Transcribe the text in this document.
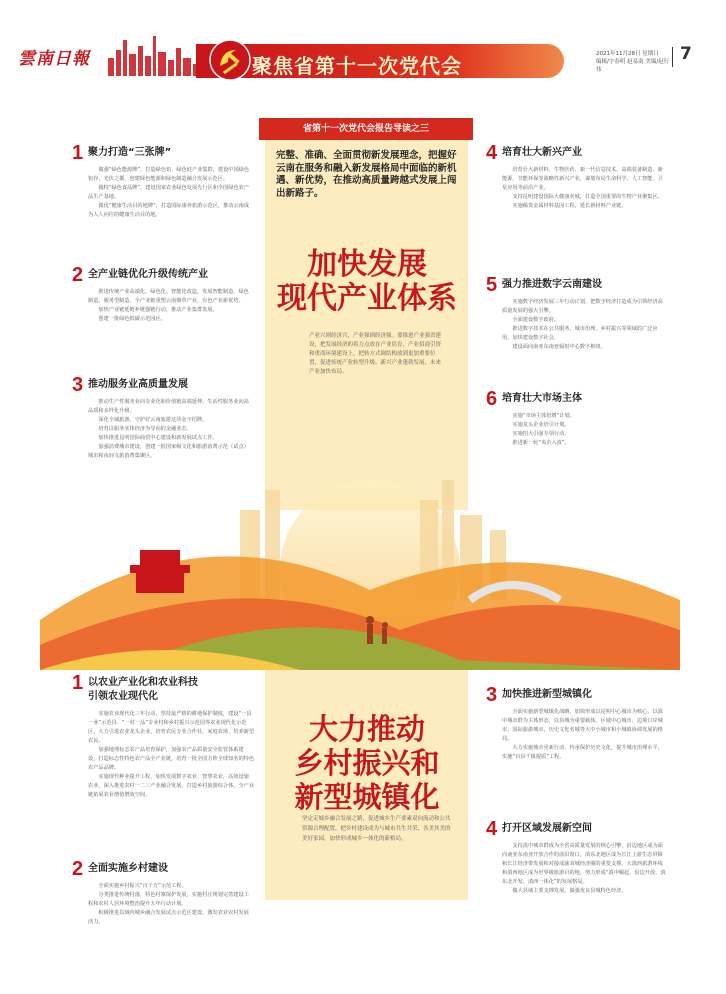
雲南日報	聚焦省第十一次党代会	2021年11月28日 星期日
编辑/字春明 赵易南 美编/赵行伟
7
省第十一次党代会报告导读之三
完整、准确、全面贯彻新发展理念，把握好云南在服务和融入新发展格局中面临的新机遇、新优势，在推动高质量跨越式发展上闯出新路子。
加快发展
现代产业体系
产业兴则经济兴，产业强则经济强。要推进产业强省建设，把发展经济的着力点放在产业培育，产业招商引资和重商环境建设上，把转方式调结构放到更加重要位置，促进传统产业转型升级、新兴产业蓬勃发展，未来产业加快布局。
大力推动
乡村振兴和
新型城镇化
坚定走城乡融合发展之路，促进城乡生产要素双向流动和公共资源合理配置，把乡村建设成为与城市共生共荣、各美其美的美好家园，加快形成城乡一体化的新格局。
1 聚力打造“三张牌”

做强“绿色能源牌”，打造绿色铝、绿色硅产业集群，建设中国绿色铝谷，光伏之都，创建绿色能源和绿色制造融合发展示范区。

做特“绿色食品牌”，建设国家农业绿色发展先行区和全国绿色农产品生产基地。

做优“健康生活目的地牌”，打造国际康养旅游示范区，推动云南成为人人向往的健康生活目的地。

2 全产业链优化升级传统产业

推进传统产业高端化、绿色化、智能化改造，发展智能制造、绿色制造、服务型制造，全产业链重塑云南烟草产业，有色产业新优势。

加快产业链延链补链强链行动，推动产业集群发展。

创建一批绿色低碳示范园区。

3 推动服务业高质量发展

推动生产性服务业向专业化和价值链高端延伸、生活性服务业向高品质和多样化升级。

深化全域旅游，守护好云南旅游这块金字招牌。

培育以服务实体经济为导向的金融业态。

加快推进昆明国际商贸中心建设和新发展试点工作。

加强消费城市建设，创建一批国家级文化和旅游消费示范（试点）城市和夜间文旅消费集聚区。

4 培育壮大新兴产业

培育壮大新材料、生物医药、新一代信息技术、高端装备制造、新能源、节能环保等战略性新兴产业，谋划布局生命科学、人工智能、卫星应用等前沿产业。

支持昆明建设国际大健康名城，打造全国重要的生物产业聚集区。

实施稀贵金属材料基因工程，延长新材料产业链。

5 强力推进数字云南建设

实施数字经济发展三年行动计划，把数字经济打造成为引领经济高质量发展的强大引擎。

全面建设数字政府。

推进数字技术在公共服务、城市治理、乡村振兴等领域的广泛应用，加快建设数字社会。

建设面向南亚东南亚辐射中心数字枢纽。

6 培育壮大市场主体

实施“市场主体倍增”计划。

实施龙头企业培引计划。

实施招大引强专项行动。

推进新一轮“央企入滇”。

1 以农业产业化和农业科技
引领农业现代化

实施农业现代化三年行动，坚持最严格的耕地保护制度，建设“一县一业”示范县、“一村一品”专业村和乡村振兴示范园等农业现代化示范区，大力引进农业龙头企业，培育农民专业合作社、家庭农场、培养新型农民。

加强地理标志农产品培育保护，加强农产品质量安全监管体系建设，打造标志性特色农产品全产业链，培育一批全国方阵全球知名的特色农产品品牌。

实施现代种业提升工程，加快发展数字农业、智慧农业，高效设施农业，深入推进农村一二三产业融合发展，打造乡村旅游综合体，全产业链拓展农业增值增效空间。

2 全面实施乡村建设

全面实施乡村振兴“百千万”示范工程。

分类推进传统村落，特色村寨保护发展，实施村庄规划完善建设工程和农村人居环境整治提升五年行动计划。

积极推进县域内城乡融合发展试点示范区建设，激发农业农村发展活力。

3 加快推进新型城镇化

全面实施新型城镇化战略，加快形成以昆明中心城市为核心，以滇中城市群为主体形态，以县城为重要载体，区域中心城市、边境口岸城市、国际旅游城市、历史文化名城等大中小城市和小城镇协调发展的格局。

大力实施城市更新行动，传承保护历史文化，提升城市治理水平，实施“百县千镇提质”工程。

4 打开区域发展新空间

支持滇中城市群成为全省高质量发展的核心引擎，沿边地区成为面向南亚东南亚开放合作的前沿窗口，滇东北地区成为长江上游生态屏障和长江经济带发展和对接成渝双城经济圈的重要支撑，大滇西旅游环线和滇西地区成为世界级旅游目的地，努力形成“滇中崛起、沿边开放、滇东北开发、滇西一体化”的发展格局。

做大县域主要支撑发展，做强优良县城特色经济。
